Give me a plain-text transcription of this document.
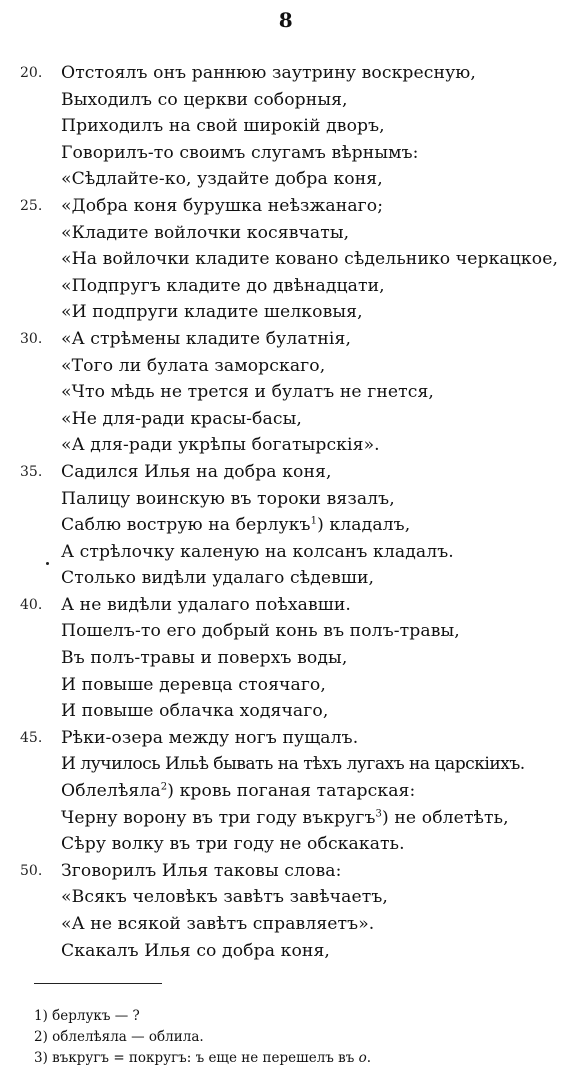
8
20.	Отстоялъ онъ раннюю заутрину воскресную,
Выходилъ со церкви соборныя,
Приходилъ на свой широкій дворъ,
Говорилъ-то своимъ слугамъ вѣрнымъ:
«Сѣдлайте-ко, уздайте добра коня,
25.	«Добра коня бурушка неѣзжанаго;
«Кладите войлочки косявчаты,
«На войлочки кладите ковано сѣдельнико черкацкое,
«Подпругъ кладите до двѣнадцати,
«И подпруги кладите шелковыя,
30.	«А стрѣмены кладите булатнія,
«Того ли булата заморскаго,
«Что мѣдь не трется и булатъ не гнется,
«Не для-ради красы-басы,
«А для-ради укрѣпы богатырскія».
35.	Садился Илья на добра коня,
Палицу воинскую въ тороки вязалъ,
Саблю вострую на берлукъ$^1$) кладалъ,
А стрѣлочку каленую на колсанъ кладалъ.
Столько видѣли удалаго сѣдевши,
40.	А не видѣли удалаго поѣхавши.
Пошелъ-то его добрый конь въ полъ-травы,
Въ полъ-травы и поверхъ воды,
И повыше деревца стоячаго,
И повыше облачка ходячаго,
45.	Рѣки-озера между ногъ пущалъ.
И лучилось Ильѣ бывать на тѣхъ лугахъ на царскіихъ.
Облелѣяла$^2$) кровь поганая татарская:
Черну ворону въ три году въкругъ$^3$) не облетѣть,
Сѣру волку въ три году не обскакать.
50.	Зговорилъ Илья таковы слова:
«Всякъ человѣкъ завѣтъ завѣчаетъ,
«А не всякой завѣтъ справляетъ».
Скакалъ Илья со добра коня,
1) берлукъ — ?
2) облелѣяла — облила.
3) въкругъ = покругъ: ъ еще не перешелъ въ о.
